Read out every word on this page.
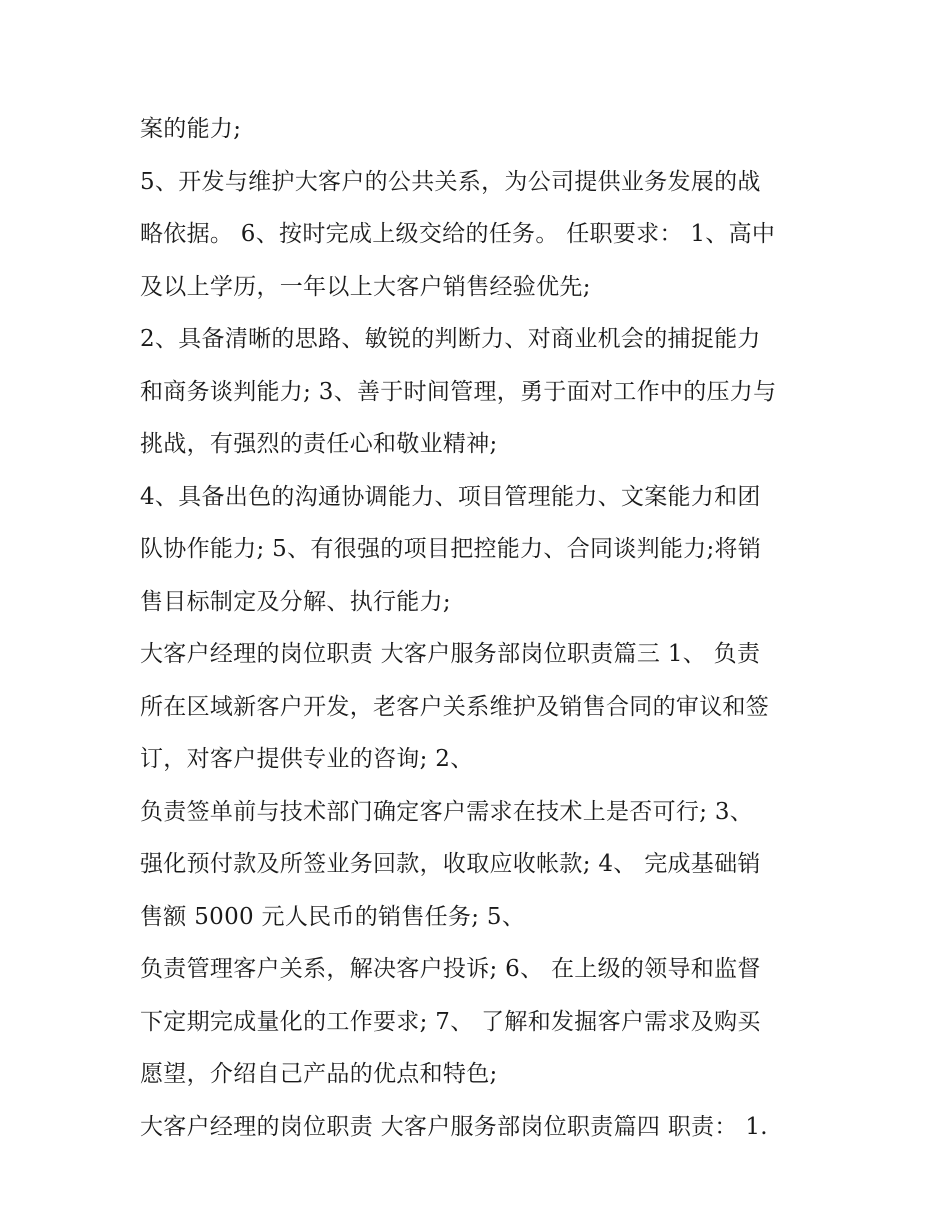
案的能力;
5、开发与维护大客户的公共关系，为公司提供业务发展的战
略依据。 6、按时完成上级交给的任务。 任职要求： 1、高中
及以上学历，一年以上大客户销售经验优先;
2、具备清晰的思路、敏锐的判断力、对商业机会的捕捉能力
和商务谈判能力; 3、善于时间管理，勇于面对工作中的压力与
挑战，有强烈的责任心和敬业精神;
4、具备出色的沟通协调能力、项目管理能力、文案能力和团
队协作能力; 5、有很强的项目把控能力、合同谈判能力;将销
售目标制定及分解、执行能力;
大客户经理的岗位职责 大客户服务部岗位职责篇三 1、 负责
所在区域新客户开发，老客户关系维护及销售合同的审议和签
订，对客户提供专业的咨询; 2、
负责签单前与技术部门确定客户需求在技术上是否可行; 3、
强化预付款及所签业务回款，收取应收帐款; 4、 完成基础销
售额 5000 元人民币的销售任务; 5、
负责管理客户关系，解决客户投诉; 6、 在上级的领导和监督
下定期完成量化的工作要求; 7、 了解和发掘客户需求及购买
愿望，介绍自己产品的优点和特色;
大客户经理的岗位职责 大客户服务部岗位职责篇四 职责： 1.
